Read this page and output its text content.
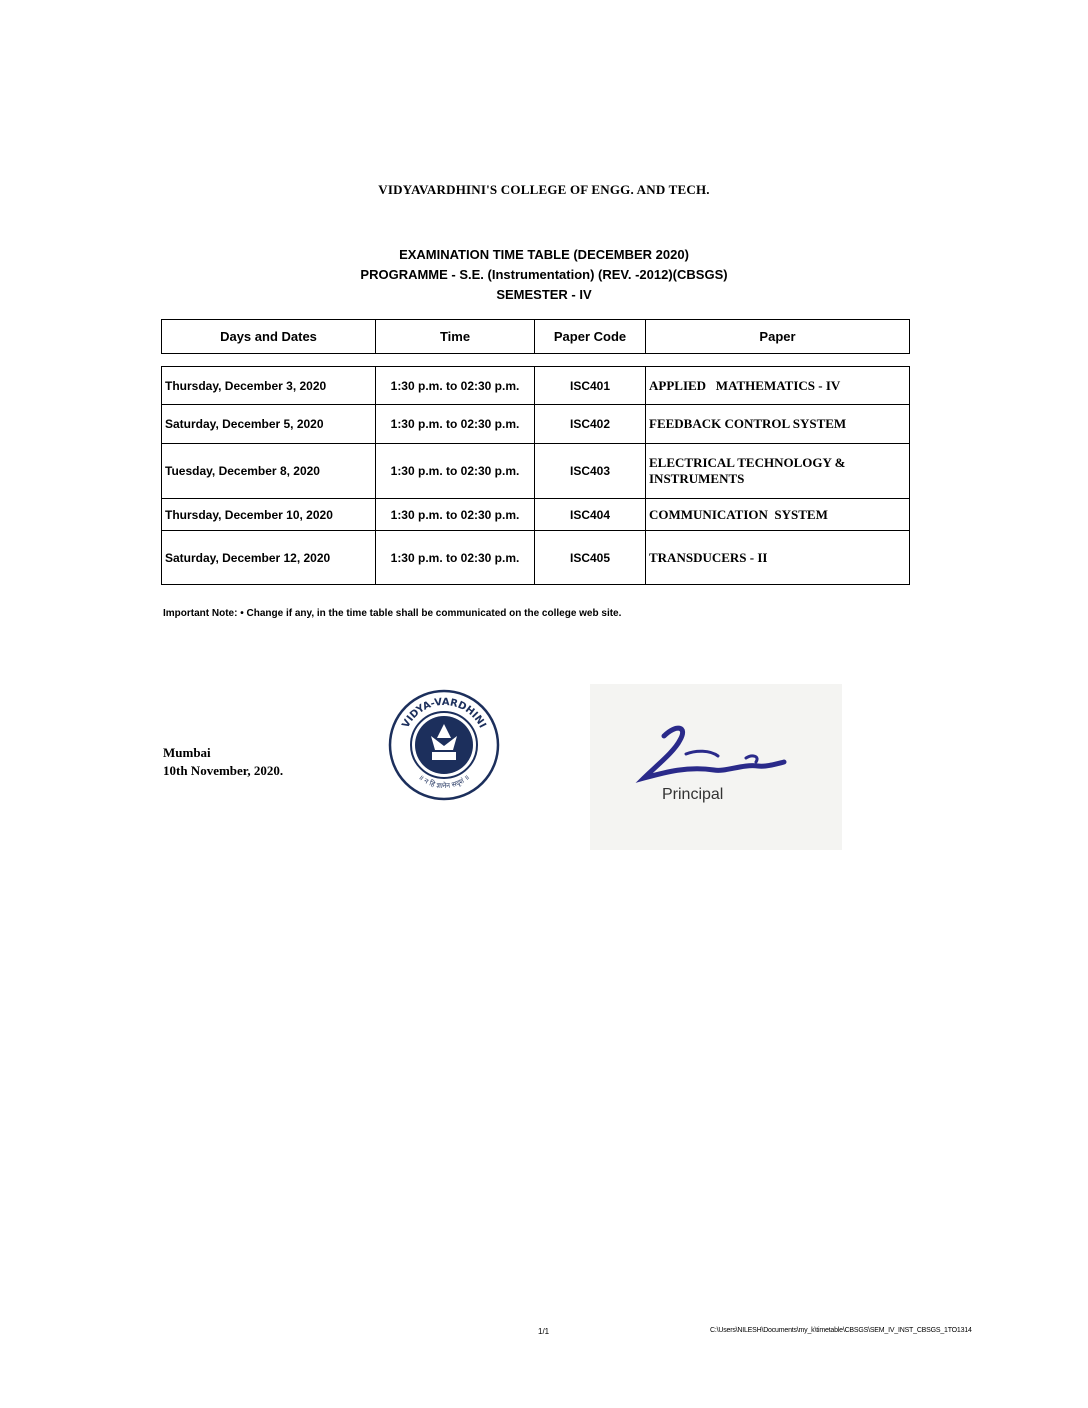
VIDYAVARDHINI'S COLLEGE OF ENGG. AND TECH.
EXAMINATION TIME TABLE (DECEMBER 2020)
PROGRAMME - S.E. (Instrumentation) (REV. -2012)(CBSGS)
SEMESTER - IV
Days and Dates	Time	Paper Code	Paper
Thursday, December 3, 2020	1:30 p.m. to 02:30 p.m.	ISC401	APPLIED   MATHEMATICS - IV
Saturday, December 5, 2020	1:30 p.m. to 02:30 p.m.	ISC402	FEEDBACK CONTROL SYSTEM
Tuesday, December 8, 2020	1:30 p.m. to 02:30 p.m.	ISC403	ELECTRICAL TECHNOLOGY & INSTRUMENTS
Thursday, December 10, 2020	1:30 p.m. to 02:30 p.m.	ISC404	COMMUNICATION  SYSTEM
Saturday, December 12, 2020	1:30 p.m. to 02:30 p.m.	ISC405	TRANSDUCERS - II
Important Note: • Change if any, in the time table shall be communicated on the college web site.
Mumbai
10th November, 2020.
VIDYA-VARDHINI
॥ न हि ज्ञानेन सदृशं ॥
Principal
1/1	C:\Users\NILESH\Documents\my_k\timetable\CBSGS\SEM_IV_INST_CBSGS_1TO1314
